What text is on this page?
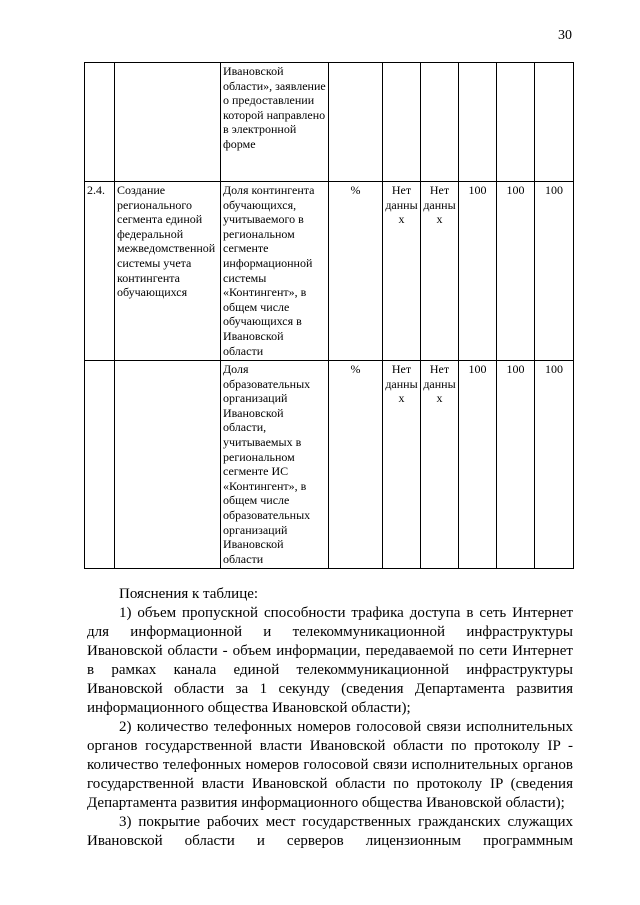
30
		Ивановской области», заявление о предоставлении которой направлено в электронной форме						
2.4.	Создание регионального сегмента единой федеральной межведомственной системы учета контингента обучающихся	Доля контингента обучающихся, учитываемого в региональном сегменте информационной системы «Контингент», в общем числе обучающихся в Ивановской области	%	Нет данных	Нет данных	100	100	100
		Доля образовательных организаций Ивановской области, учитываемых в региональном сегменте ИС «Контингент», в общем числе образовательных организаций Ивановской области	%	Нет данных	Нет данных	100	100	100

Пояснения к таблице:

1) объем пропускной способности трафика доступа в сеть Интернет для информационной и телекоммуникационной инфраструктуры Ивановской области - объем информации, передаваемой по сети Интернет в рамках канала единой телекоммуникационной инфраструктуры Ивановской области за 1 секунду (сведения Департамента развития информационного общества Ивановской области);

2) количество телефонных номеров голосовой связи исполнительных органов государственной власти Ивановской области по протоколу IP - количество телефонных номеров голосовой связи исполнительных органов государственной власти Ивановской области по протоколу IP (сведения Департамента развития информационного общества Ивановской области);

3) покрытие рабочих мест государственных гражданских служащих Ивановской области и серверов лицензионным программным
